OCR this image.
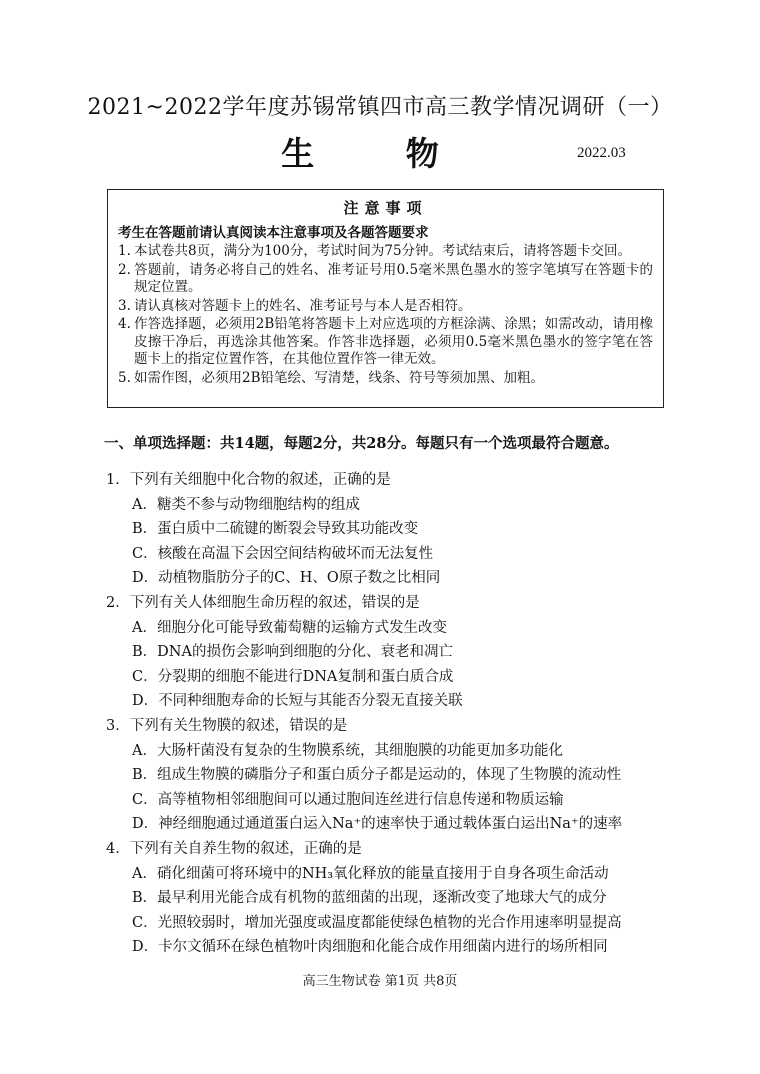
2021~2022学年度苏锡常镇四市高三教学情况调研（一）
生 物	2022.03
注意事项
考生在答题前请认真阅读本注意事项及各题答题要求
1. 本试卷共8页，满分为100分，考试时间为75分钟。考试结束后，请将答题卡交回。
2. 答题前，请务必将自己的姓名、准考证号用0.5毫米黑色墨水的签字笔填写在答题卡的规定位置。
3. 请认真核对答题卡上的姓名、准考证号与本人是否相符。
4. 作答选择题，必须用2B铅笔将答题卡上对应选项的方框涂满、涂黑；如需改动，请用橡皮擦干净后，再选涂其他答案。作答非选择题，必须用0.5毫米黑色墨水的签字笔在答题卡上的指定位置作答，在其他位置作答一律无效。
5. 如需作图，必须用2B铅笔绘、写清楚，线条、符号等须加黑、加粗。
一、单项选择题：共14题，每题2分，共28分。每题只有一个选项最符合题意。
1．下列有关细胞中化合物的叙述，正确的是
A．糖类不参与动物细胞结构的组成
B．蛋白质中二硫键的断裂会导致其功能改变
C．核酸在高温下会因空间结构破坏而无法复性
D．动植物脂肪分子的C、H、O原子数之比相同
2．下列有关人体细胞生命历程的叙述，错误的是
A．细胞分化可能导致葡萄糖的运输方式发生改变
B．DNA的损伤会影响到细胞的分化、衰老和凋亡
C．分裂期的细胞不能进行DNA复制和蛋白质合成
D．不同种细胞寿命的长短与其能否分裂无直接关联
3．下列有关生物膜的叙述，错误的是
A．大肠杆菌没有复杂的生物膜系统，其细胞膜的功能更加多功能化
B．组成生物膜的磷脂分子和蛋白质分子都是运动的，体现了生物膜的流动性
C．高等植物相邻细胞间可以通过胞间连丝进行信息传递和物质运输
D．神经细胞通过通道蛋白运入Na⁺的速率快于通过载体蛋白运出Na⁺的速率
4．下列有关自养生物的叙述，正确的是
A．硝化细菌可将环境中的NH₃氧化释放的能量直接用于自身各项生命活动
B．最早利用光能合成有机物的蓝细菌的出现，逐渐改变了地球大气的成分
C．光照较弱时，增加光强度或温度都能使绿色植物的光合作用速率明显提高
D．卡尔文循环在绿色植物叶肉细胞和化能合成作用细菌内进行的场所相同
高三生物试卷 第1页 共8页
